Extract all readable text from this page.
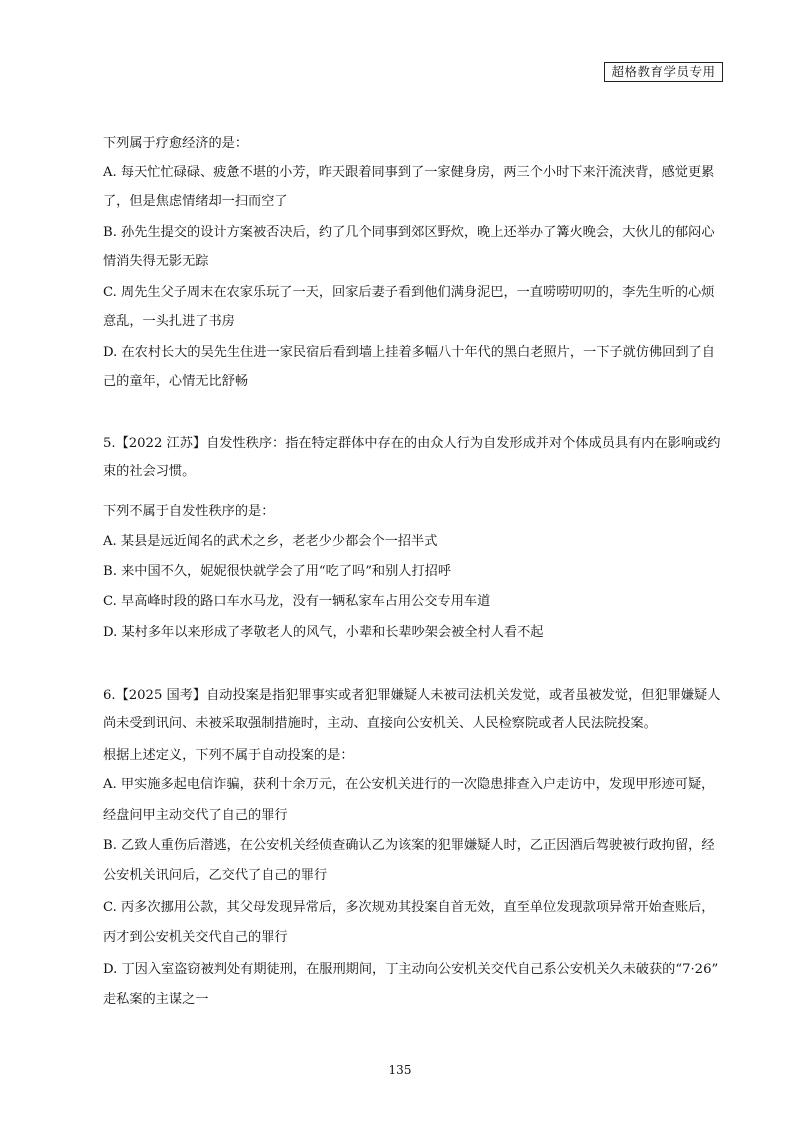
超格教育学员专用

下列属于疗愈经济的是：

A. 每天忙忙碌碌、疲惫不堪的小芳，昨天跟着同事到了一家健身房，两三个小时下来汗流浃背，感觉更累

了，但是焦虑情绪却一扫而空了

B. 孙先生提交的设计方案被否决后，约了几个同事到郊区野炊，晚上还举办了篝火晚会，大伙儿的郁闷心

情消失得无影无踪

C. 周先生父子周末在农家乐玩了一天，回家后妻子看到他们满身泥巴，一直唠唠叨叨的，李先生听的心烦

意乱，一头扎进了书房

D. 在农村长大的吴先生住进一家民宿后看到墙上挂着多幅八十年代的黑白老照片，一下子就仿佛回到了自

己的童年，心情无比舒畅

5.【2022 江苏】自发性秩序：指在特定群体中存在的由众人行为自发形成并对个体成员具有内在影响或约

束的社会习惯。

下列不属于自发性秩序的是：

A. 某县是远近闻名的武术之乡，老老少少都会个一招半式

B. 来中国不久，妮妮很快就学会了用“吃了吗”和别人打招呼

C. 早高峰时段的路口车水马龙，没有一辆私家车占用公交专用车道

D. 某村多年以来形成了孝敬老人的风气，小辈和长辈吵架会被全村人看不起

6.【2025 国考】自动投案是指犯罪事实或者犯罪嫌疑人未被司法机关发觉，或者虽被发觉，但犯罪嫌疑人

尚未受到讯问、未被采取强制措施时，主动、直接向公安机关、人民检察院或者人民法院投案。

根据上述定义，下列不属于自动投案的是：

A. 甲实施多起电信诈骗，获利十余万元，在公安机关进行的一次隐患排查入户走访中，发现甲形迹可疑，

经盘问甲主动交代了自己的罪行

B. 乙致人重伤后潜逃，在公安机关经侦查确认乙为该案的犯罪嫌疑人时，乙正因酒后驾驶被行政拘留，经

公安机关讯问后，乙交代了自己的罪行

C. 丙多次挪用公款，其父母发现异常后，多次规劝其投案自首无效，直至单位发现款项异常开始查账后，

丙才到公安机关交代自己的罪行

D. 丁因入室盗窃被判处有期徒刑，在服刑期间，丁主动向公安机关交代自己系公安机关久未破获的“7·26”

走私案的主谋之一

135
